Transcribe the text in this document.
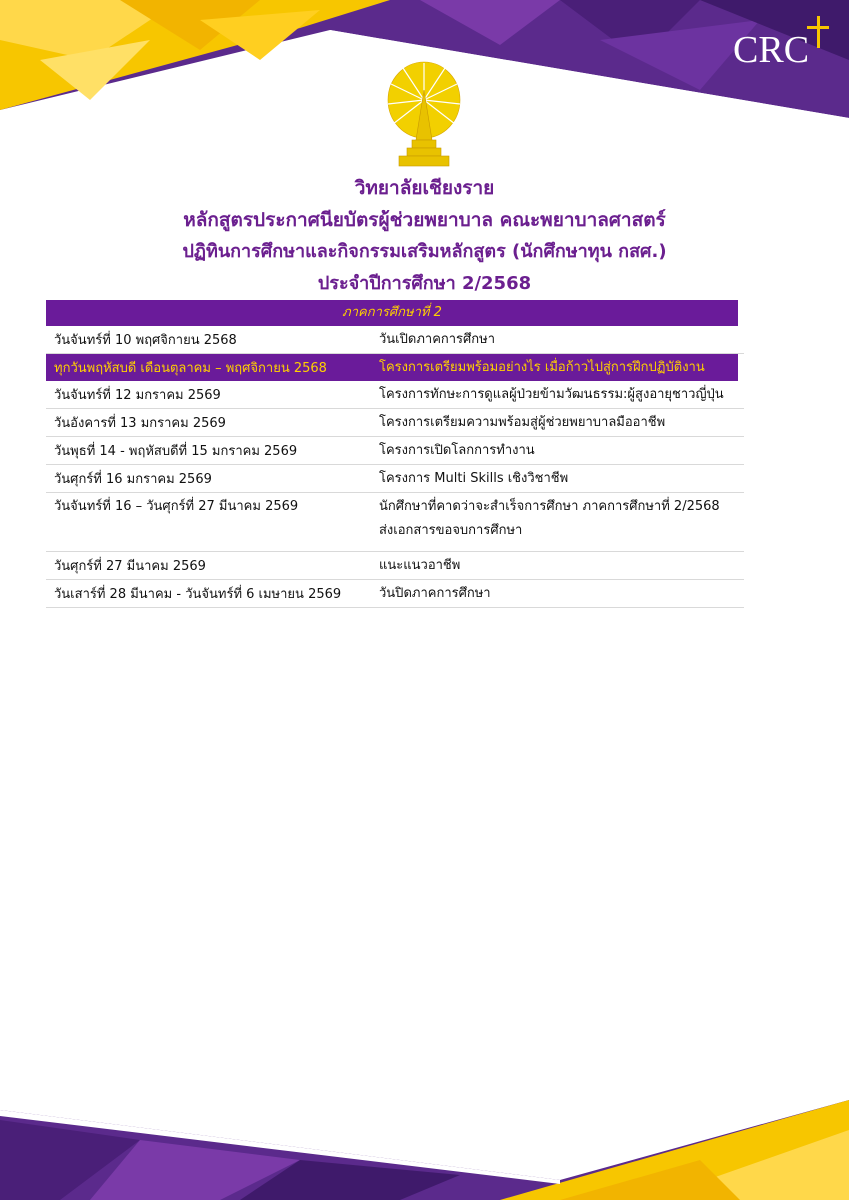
CRC
วิทยาลัยเชียงราย
หลักสูตรประกาศนียบัตรผู้ช่วยพยาบาล คณะพยาบาลศาสตร์
ปฏิทินการศึกษาและกิจกรรมเสริมหลักสูตร (นักศึกษาทุน กสศ.)
ประจำปีการศึกษา 2/2568
ภาคการศึกษาที่ 2
วันจันทร์ที่ 10 พฤศจิกายน 2568	วันเปิดภาคการศึกษา
ทุกวันพฤหัสบดี เดือนตุลาคม – พฤศจิกายน 2568	โครงการเตรียมพร้อมอย่างไร เมื่อก้าวไปสู่การฝึกปฏิบัติงาน
วันจันทร์ที่ 12 มกราคม 2569	โครงการทักษะการดูแลผู้ป่วยข้ามวัฒนธรรม:ผู้สูงอายุชาวญี่ปุ่น
วันอังคารที่ 13 มกราคม 2569	โครงการเตรียมความพร้อมสู่ผู้ช่วยพยาบาลมืออาชีพ
วันพุธที่ 14 - พฤหัสบดีที่ 15 มกราคม 2569	โครงการเปิดโลกการทำงาน
วันศุกร์ที่ 16 มกราคม 2569	โครงการ Multi Skills เชิงวิชาชีพ
วันจันทร์ที่ 16 – วันศุกร์ที่ 27 มีนาคม 2569	นักศึกษาที่คาดว่าจะสำเร็จการศึกษา ภาคการศึกษาที่ 2/2568
ส่งเอกสารขอจบการศึกษา
วันศุกร์ที่ 27 มีนาคม 2569	แนะแนวอาชีพ
วันเสาร์ที่ 28 มีนาคม - วันจันทร์ที่ 6 เมษายน 2569	วันปิดภาคการศึกษา
